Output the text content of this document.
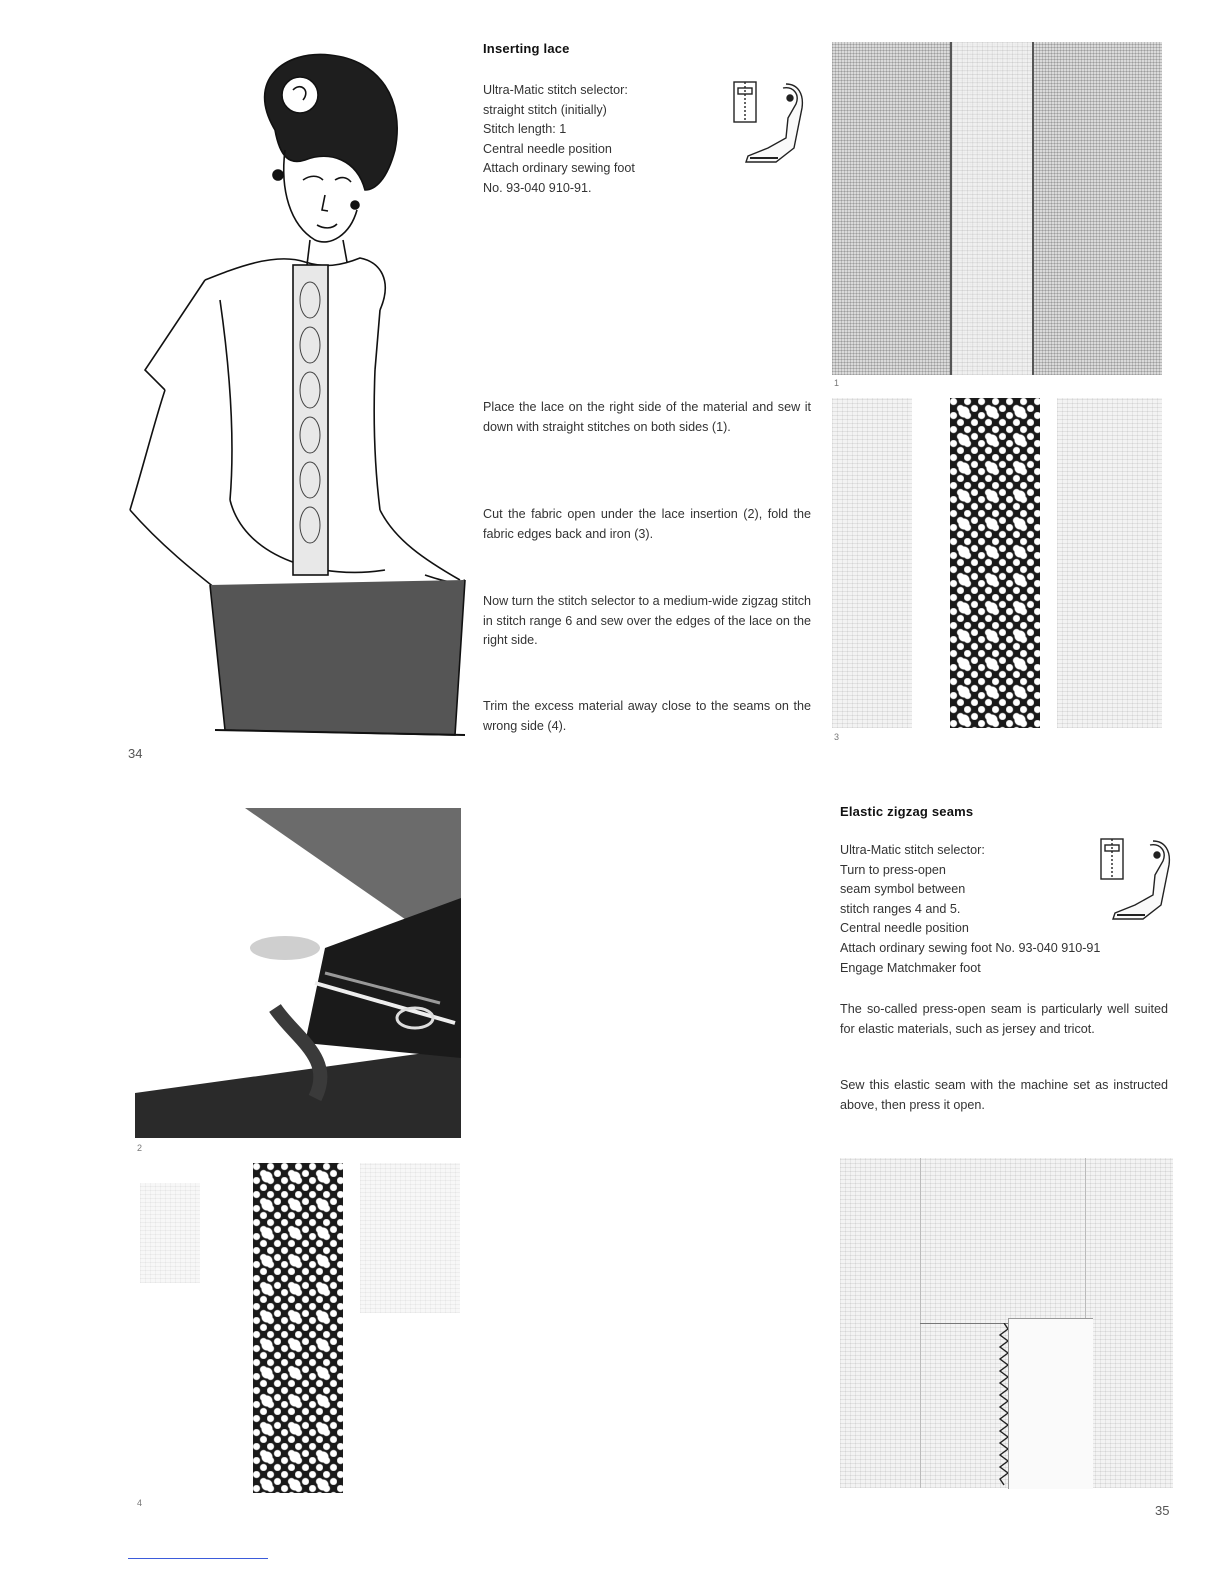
Inserting lace
Ultra-Matic stitch selector:
straight stitch (initially)
Stitch length: 1
Central needle position
Attach ordinary sewing foot
No. 93-040 910-91.
Place the lace on the right side of the material and sew it down with straight stitches on both sides (1).
Cut the fabric open under the lace insertion (2), fold the fabric edges back and iron (3).
Now turn the stitch selector to a medium-wide zigzag stitch in stitch range 6 and sew over the edges of the lace on the right side.
Trim the excess material away close to the seams on the wrong side (4).
1
3
34
2
4
Elastic zigzag seams
Ultra-Matic stitch selector:
Turn to press-open
seam symbol between
stitch ranges 4 and 5.
Central needle position
Attach ordinary sewing foot No. 93-040 910-91
Engage Matchmaker foot
The so-called press-open seam is particularly well suited for elastic materials, such as jersey and tricot.
Sew this elastic seam with the machine set as instructed above, then press it open.
35
